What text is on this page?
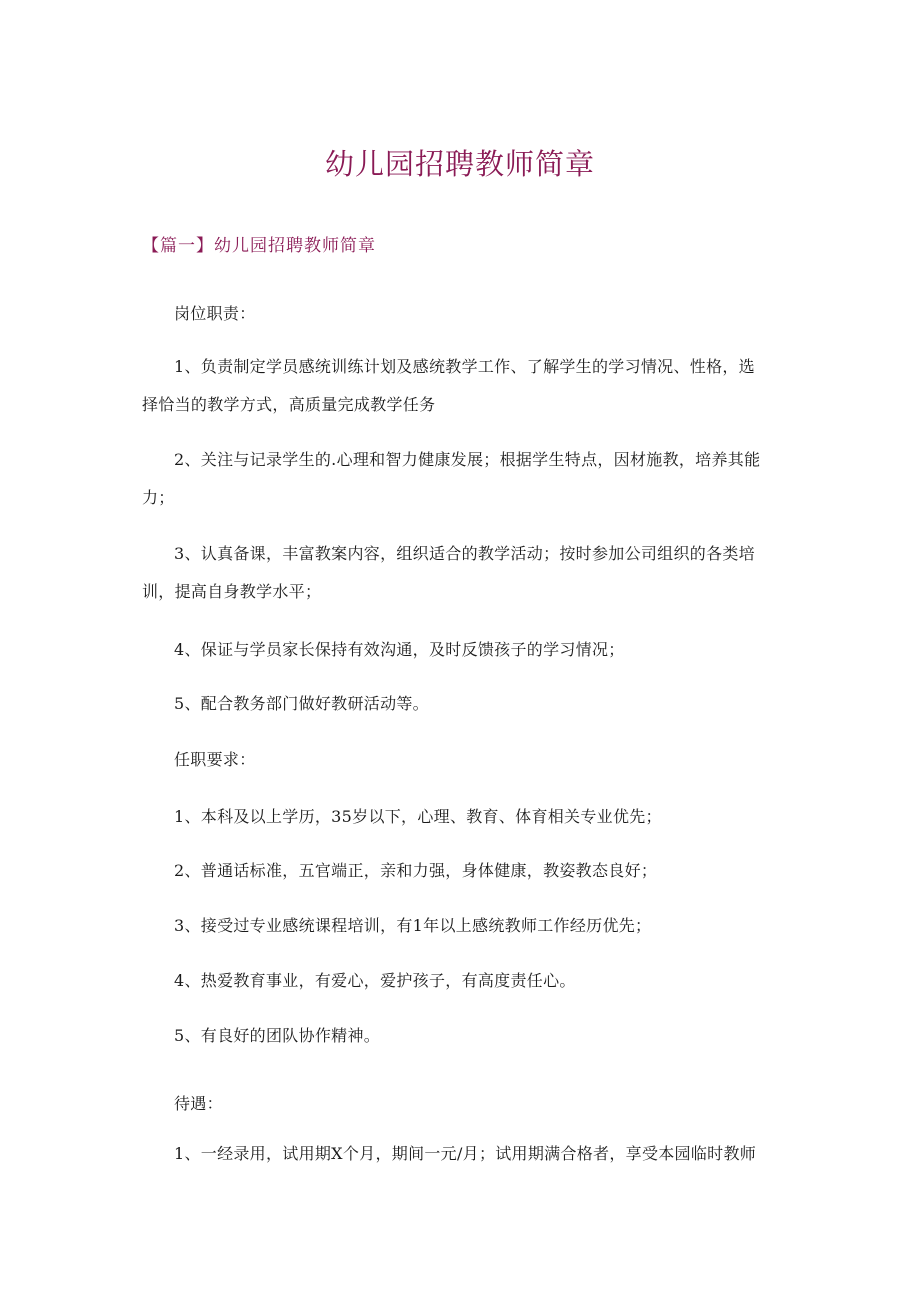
幼儿园招聘教师简章
【篇一】幼儿园招聘教师简章
岗位职责：
1、负责制定学员感统训练计划及感统教学工作、了解学生的学习情况、性格，选
择恰当的教学方式，高质量完成教学任务
2、关注与记录学生的.心理和智力健康发展；根据学生特点，因材施教，培养其能
力；
3、认真备课，丰富教案内容，组织适合的教学活动；按时参加公司组织的各类培
训，提高自身教学水平；
4、保证与学员家长保持有效沟通，及时反馈孩子的学习情况；
5、配合教务部门做好教研活动等。
任职要求：
1、本科及以上学历，35岁以下，心理、教育、体育相关专业优先；
2、普通话标准，五官端正，亲和力强，身体健康，教姿教态良好；
3、接受过专业感统课程培训，有1年以上感统教师工作经历优先；
4、热爱教育事业，有爱心，爱护孩子，有高度责任心。
5、有良好的团队协作精神。
待遇：
1、一经录用，试用期X个月，期间一元/月；试用期满合格者，享受本园临时教师
